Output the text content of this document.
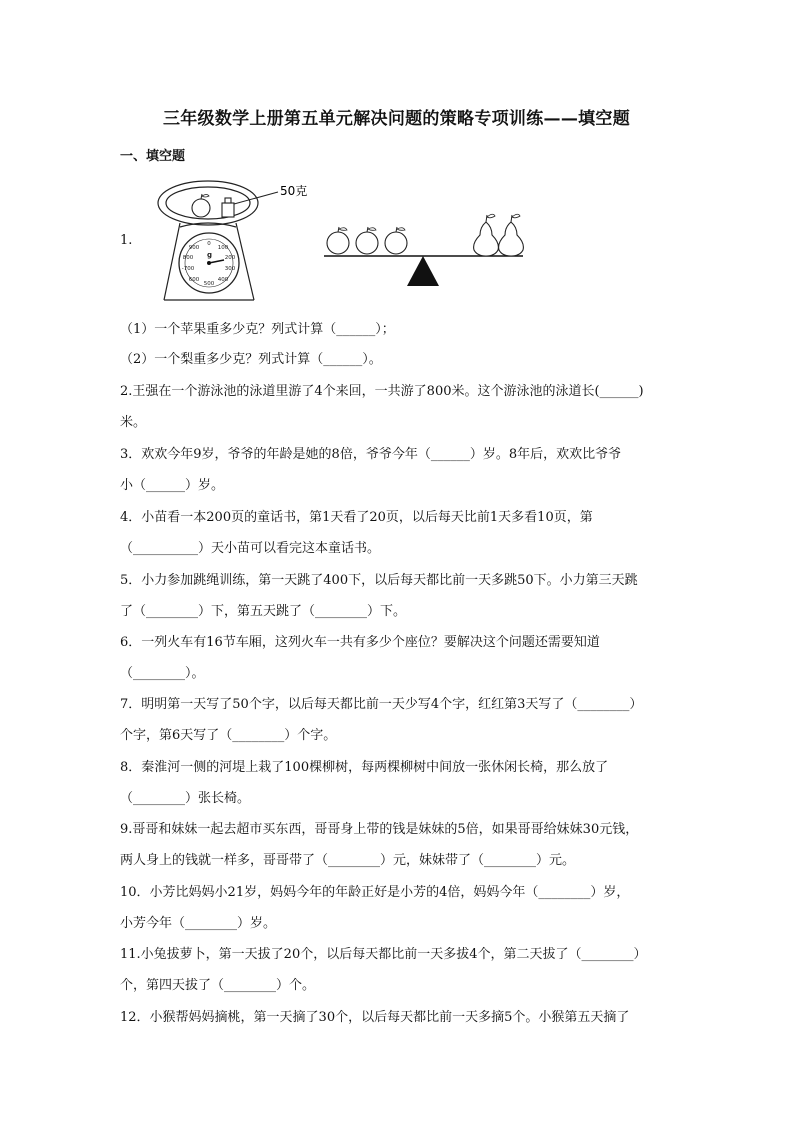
三年级数学上册第五单元解决问题的策略专项训练——填空题
一、填空题
1.
50克
0
100
200
300
400
500
600
-700
800
900
g
（1）一个苹果重多少克？列式计算（______）；
（2）一个梨重多少克？列式计算（______）。
2.王强在一个游泳池的泳道里游了4个来回，一共游了800米。这个游泳池的泳道长(______)
米。
3．欢欢今年9岁，爷爷的年龄是她的8倍，爷爷今年（______）岁。8年后，欢欢比爷爷
小（______）岁。
4．小苗看一本200页的童话书，第1天看了20页，以后每天比前1天多看10页，第
（__________）天小苗可以看完这本童话书。
5．小力参加跳绳训练，第一天跳了400下，以后每天都比前一天多跳50下。小力第三天跳
了（________）下，第五天跳了（________）下。
6．一列火车有16节车厢，这列火车一共有多少个座位？要解决这个问题还需要知道
（________）。
7．明明第一天写了50个字，以后每天都比前一天少写4个字，红红第3天写了（________）
个字，第6天写了（________）个字。
8．秦淮河一侧的河堤上栽了100棵柳树，每两棵柳树中间放一张休闲长椅，那么放了
（________）张长椅。
9.哥哥和妹妹一起去超市买东西，哥哥身上带的钱是妹妹的5倍，如果哥哥给妹妹30元钱，
两人身上的钱就一样多，哥哥带了（________）元，妹妹带了（________）元。
10．小芳比妈妈小21岁，妈妈今年的年龄正好是小芳的4倍，妈妈今年（________）岁，
小芳今年（________）岁。
11.小兔拔萝卜，第一天拔了20个，以后每天都比前一天多拔4个，第二天拔了（________）
个，第四天拔了（________）个。
12．小猴帮妈妈摘桃，第一天摘了30个，以后每天都比前一天多摘5个。小猴第五天摘了
